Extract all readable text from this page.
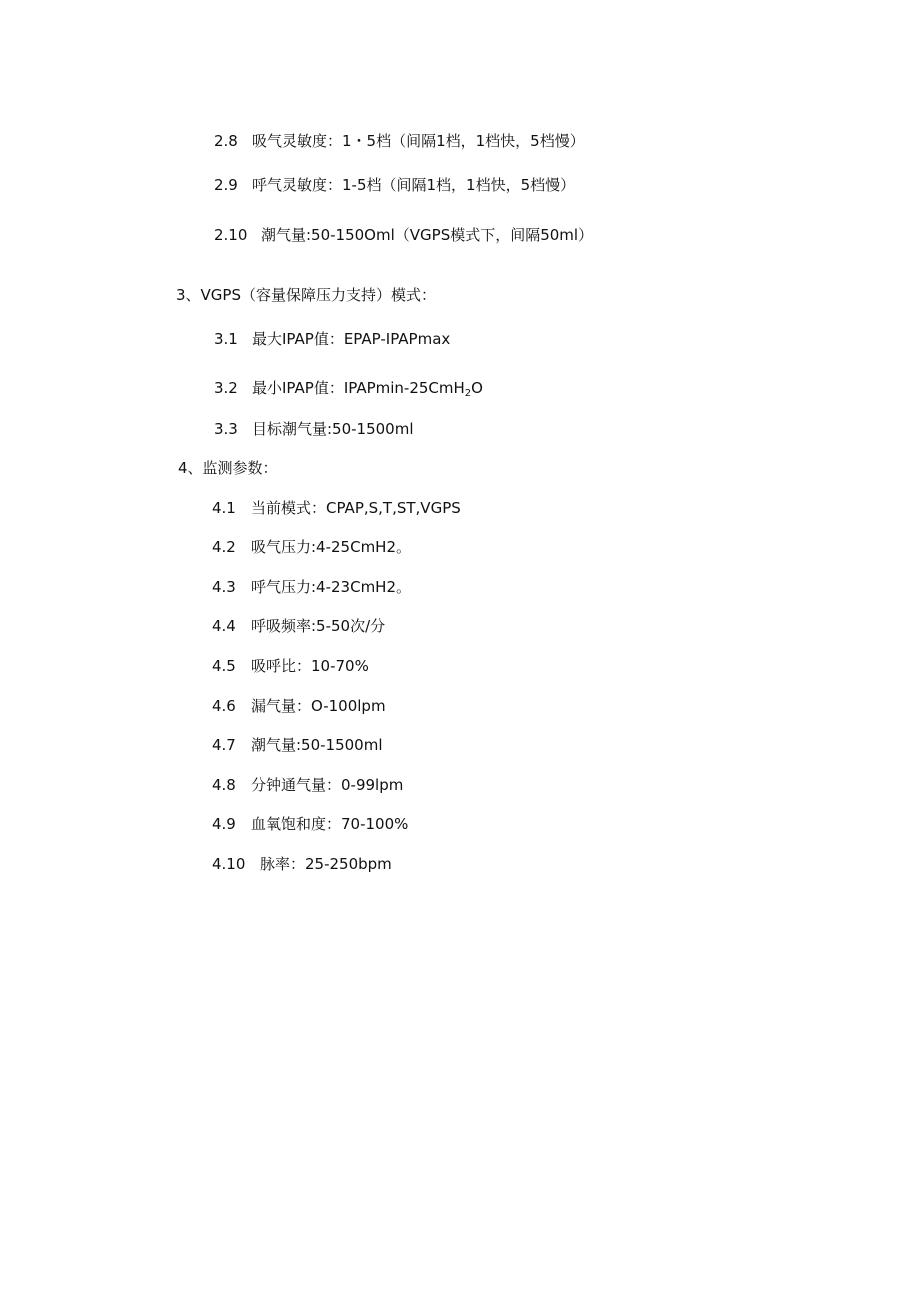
2.8 吸气灵敏度：1・5档（间隔1档，1档快，5档慢）
2.9 呼气灵敏度：1-5档（间隔1档，1档快，5档慢）
2.10 潮气量:50-150Oml（VGPS模式下，间隔50ml）
3、VGPS（容量保障压力支持）模式：
3.1 最大IPAP值：EPAP-IPAPmax
3.2 最小IPAP值：IPAPmin-25CmH$_2$O
3.3 目标潮气量:50-1500ml
4、监测参数：
4.1 当前模式：CPAP,S,T,ST,VGPS
4.2 吸气压力:4-25CmH2。
4.3 呼气压力:4-23CmH2。
4.4 呼吸频率:5-50次/分
4.5 吸呼比：10-70%
4.6 漏气量：O-100lpm
4.7 潮气量:50-1500ml
4.8 分钟通气量：0-99lpm
4.9 血氧饱和度：70-100%
4.10 脉率：25-250bpm
